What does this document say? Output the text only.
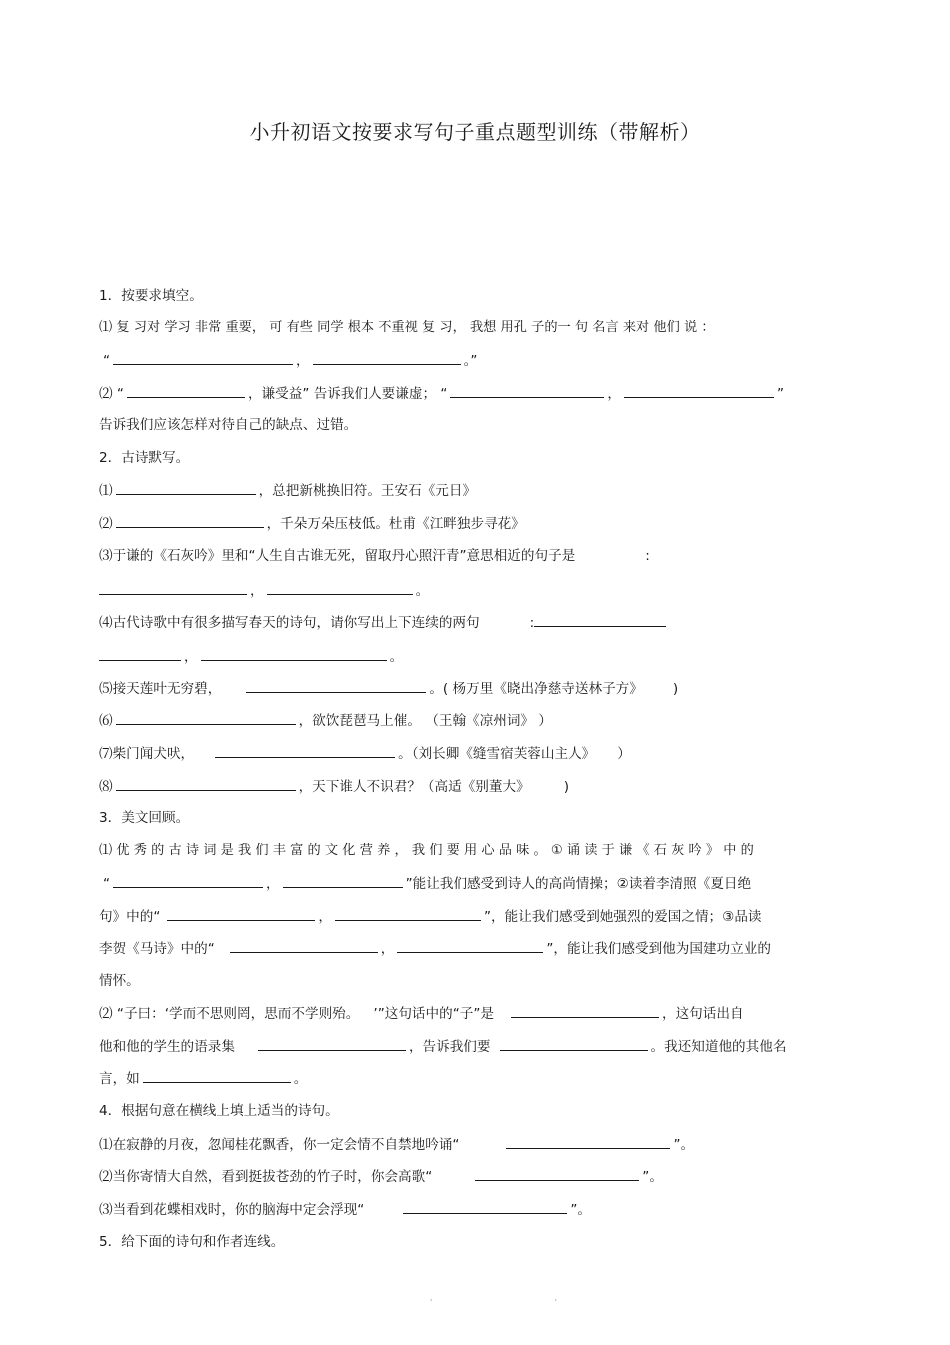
小升初语文按要求写句子重点题型训练（带解析）
1．按要求填空。
⑴ 复 习对 学习 非常 重要， 可 有些 同学 根本 不重视 复 习， 我想 用孔 子的一 句 名言 来对 他们 说 ：
“	，	。”
⑵ “	，谦受益” 告诉我们人要谦虚； “	，	”
告诉我们应该怎样对待自己的缺点、过错。
2．古诗默写。
⑴	，总把新桃换旧符。王安石《元日》
⑵	，千朵万朵压枝低。杜甫《江畔独步寻花》
⑶于谦的《石灰吟》里和“人生自古谁无死，留取丹心照汗青”意思相近的句子是	:
，	。
⑷古代诗歌中有很多描写春天的诗句，请你写出上下连续的两句	:
，	。
⑸接天莲叶无穷碧，	。( 杨万里《晓出净慈寺送林子方》 )
⑹	，欲饮琵琶马上催。 （王翰《凉州词》 ）
⑺柴门闻犬吠，	。（刘长卿《缝雪宿芙蓉山主人》 ）
⑻	，天下谁人不识君？（高适《别董大》	)
3．美文回顾。
⑴ 优 秀 的 古 诗 词 是 我 们 丰 富 的 文 化 营 养 ， 我 们 要 用 心 品 味 。 ① 诵 读 于 谦 《 石 灰 吟 》 中 的
“	，	”能让我们感受到诗人的高尚情操；②读着李清照《夏日绝
句》中的“	，	”，能让我们感受到她强烈的爱国之情；③品读
李贺《马诗》中的“	，	”，能让我们感受到他为国建功立业的
情怀。
⑵ “子曰：‘学而不思则罔，思而不学则殆。 ’”这句话中的“子”是	，这句话出自
他和他的学生的语录集	，告诉我们要	。我还知道他的其他名
言，如	。
4．根据句意在横线上填上适当的诗句。
⑴在寂静的月夜，忽闻桂花飘香，你一定会情不自禁地吟诵“	”。
⑵当你寄情大自然，看到挺拔苍劲的竹子时，你会高歌“	”。
⑶当看到花蝶相戏时，你的脑海中定会浮现“	”。
5．给下面的诗句和作者连线。
' '
